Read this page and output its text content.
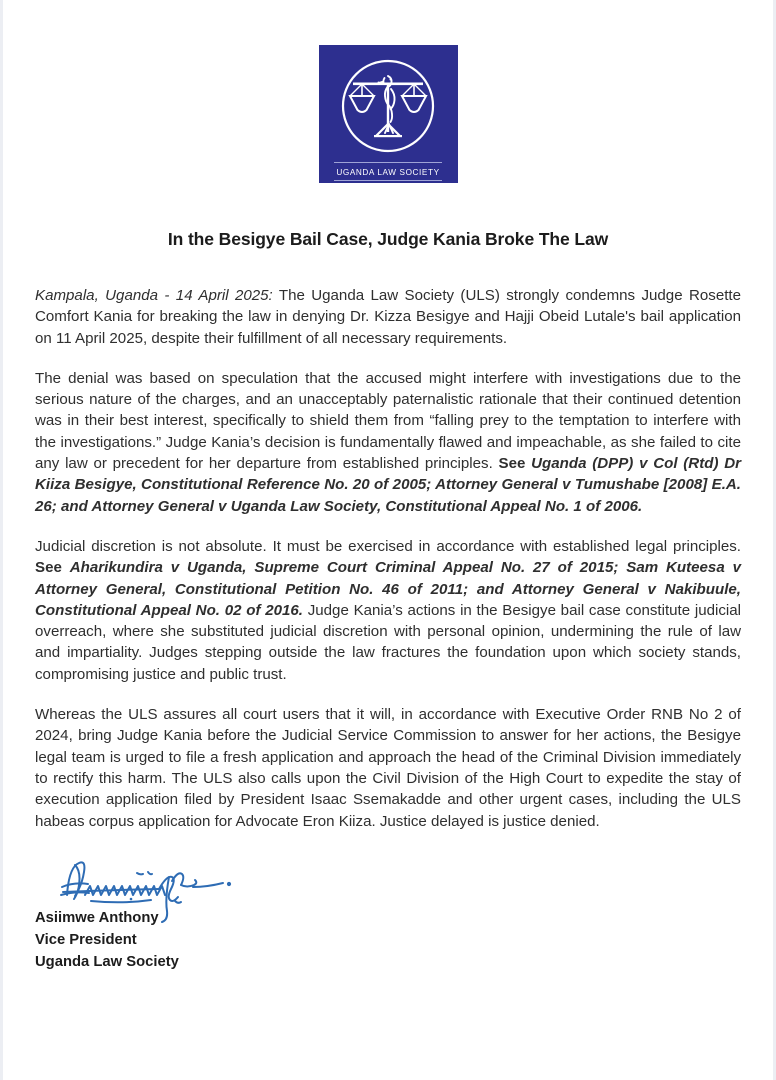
UGANDA LAW SOCIETY
In the Besigye Bail Case, Judge Kania Broke The Law

Kampala, Uganda - 14 April 2025: The Uganda Law Society (ULS) strongly condemns Judge Rosette Comfort Kania for breaking the law in denying Dr. Kizza Besigye and Hajji Obeid Lutale's bail application on 11 April 2025, despite their fulfillment of all necessary requirements.

The denial was based on speculation that the accused might interfere with investigations due to the serious nature of the charges, and an unacceptably paternalistic rationale that their continued detention was in their best interest, specifically to shield them from “falling prey to the temptation to interfere with the investigations.” Judge Kania’s decision is fundamentally flawed and impeachable, as she failed to cite any law or precedent for her departure from established principles. See Uganda (DPP) v Col (Rtd) Dr Kiiza Besigye, Constitutional Reference No. 20 of 2005; Attorney General v Tumushabe [2008] E.A. 26; and Attorney General v Uganda Law Society, Constitutional Appeal No. 1 of 2006.

Judicial discretion is not absolute. It must be exercised in accordance with established legal principles. See Aharikundira v Uganda, Supreme Court Criminal Appeal No. 27 of 2015; Sam Kuteesa v Attorney General, Constitutional Petition No. 46 of 2011; and Attorney General v Nakibuule, Constitutional Appeal No. 02 of 2016. Judge Kania’s actions in the Besigye bail case constitute judicial overreach, where she substituted judicial discretion with personal opinion, undermining the rule of law and impartiality. Judges stepping outside the law fractures the foundation upon which society stands, compromising justice and public trust.

Whereas the ULS assures all court users that it will, in accordance with Executive Order RNB No 2 of 2024, bring Judge Kania before the Judicial Service Commission to answer for her actions, the Besigye legal team is urged to file a fresh application and approach the head of the Criminal Division immediately to rectify this harm. The ULS also calls upon the Civil Division of the High Court to expedite the stay of execution application filed by President Isaac Ssemakadde and other urgent cases, including the ULS habeas corpus application for Advocate Eron Kiiza. Justice delayed is justice denied.

Asiimwe Anthony
Vice President
Uganda Law Society
